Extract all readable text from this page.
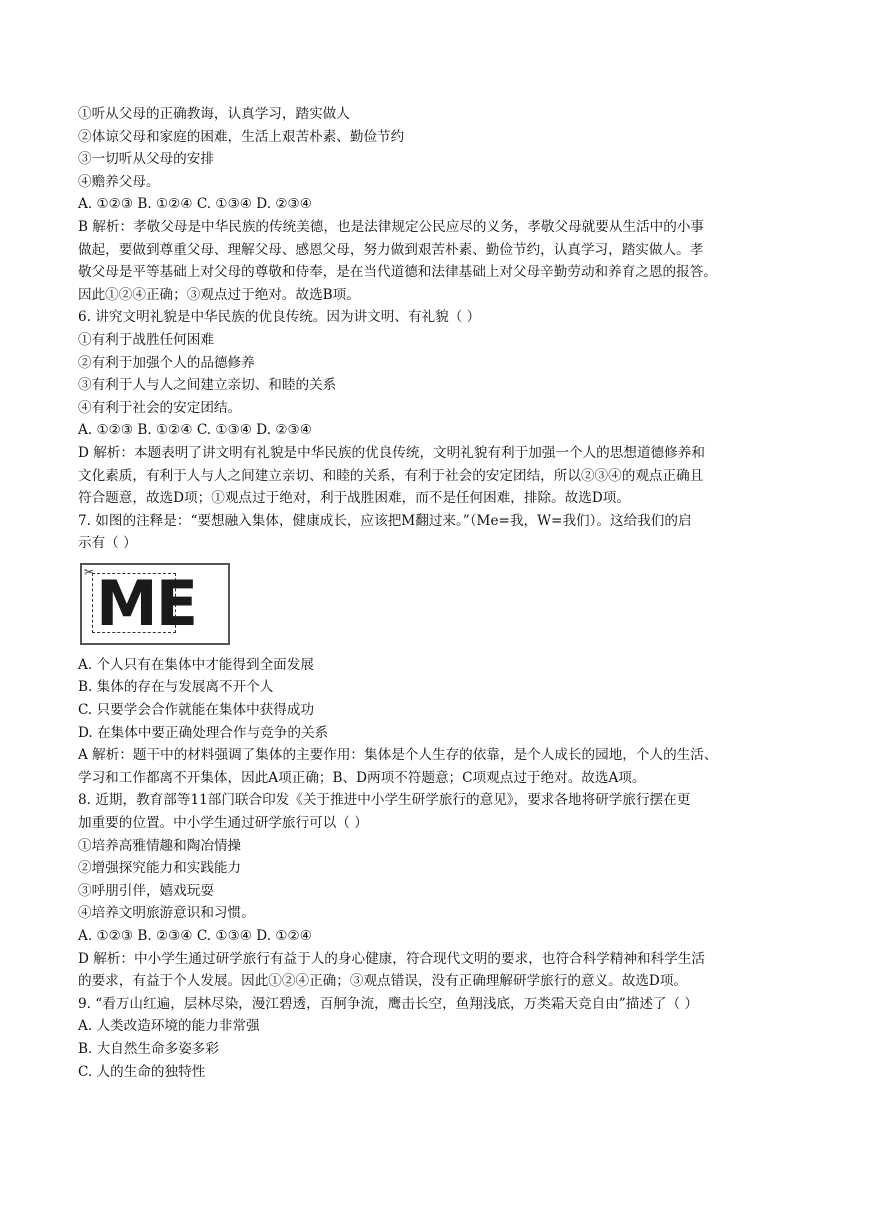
①听从父母的正确教诲，认真学习，踏实做人

②体谅父母和家庭的困难，生活上艰苦朴素、勤俭节约

③一切听从父母的安排

④赡养父母。

A. ①②③ B. ①②④ C. ①③④ D. ②③④

B 解析：孝敬父母是中华民族的传统美德，也是法律规定公民应尽的义务，孝敬父母就要从生活中的小事

做起，要做到尊重父母、理解父母、感恩父母，努力做到艰苦朴素、勤俭节约，认真学习，踏实做人。孝

敬父母是平等基础上对父母的尊敬和侍奉，是在当代道德和法律基础上对父母辛勤劳动和养育之恩的报答。

因此①②④正确；③观点过于绝对。故选B项。

6. 讲究文明礼貌是中华民族的优良传统。因为讲文明、有礼貌（ ）

①有利于战胜任何困难

②有利于加强个人的品德修养

③有利于人与人之间建立亲切、和睦的关系

④有利于社会的安定团结。

A. ①②③ B. ①②④ C. ①③④ D. ②③④

D 解析：本题表明了讲文明有礼貌是中华民族的优良传统，文明礼貌有利于加强一个人的思想道德修养和

文化素质，有利于人与人之间建立亲切、和睦的关系，有利于社会的安定团结，所以②③④的观点正确且

符合题意，故选D项；①观点过于绝对，利于战胜困难，而不是任何困难，排除。故选D项。

7. 如图的注释是：“要想融入集体，健康成长，应该把M翻过来。”（Me=我，W=我们）。这给我们的启

示有（ ）

✂ ME

A. 个人只有在集体中才能得到全面发展

B. 集体的存在与发展离不开个人

C. 只要学会合作就能在集体中获得成功

D. 在集体中要正确处理合作与竞争的关系

A 解析：题干中的材料强调了集体的主要作用：集体是个人生存的依靠，是个人成长的园地，个人的生活、

学习和工作都离不开集体，因此A项正确；B、D两项不符题意；C项观点过于绝对。故选A项。

8. 近期，教育部等11部门联合印发《关于推进中小学生研学旅行的意见》，要求各地将研学旅行摆在更

加重要的位置。中小学生通过研学旅行可以（ ）

①培养高雅情趣和陶冶情操

②增强探究能力和实践能力

③呼朋引伴，嬉戏玩耍

④培养文明旅游意识和习惯。

A. ①②③ B. ②③④ C. ①③④ D. ①②④

D 解析：中小学生通过研学旅行有益于人的身心健康，符合现代文明的要求，也符合科学精神和科学生活

的要求，有益于个人发展。因此①②④正确；③观点错误，没有正确理解研学旅行的意义。故选D项。

9. “看万山红遍，层林尽染，漫江碧透，百舸争流，鹰击长空，鱼翔浅底，万类霜天竞自由”描述了（ ）

A. 人类改造环境的能力非常强

B. 大自然生命多姿多彩

C. 人的生命的独特性
